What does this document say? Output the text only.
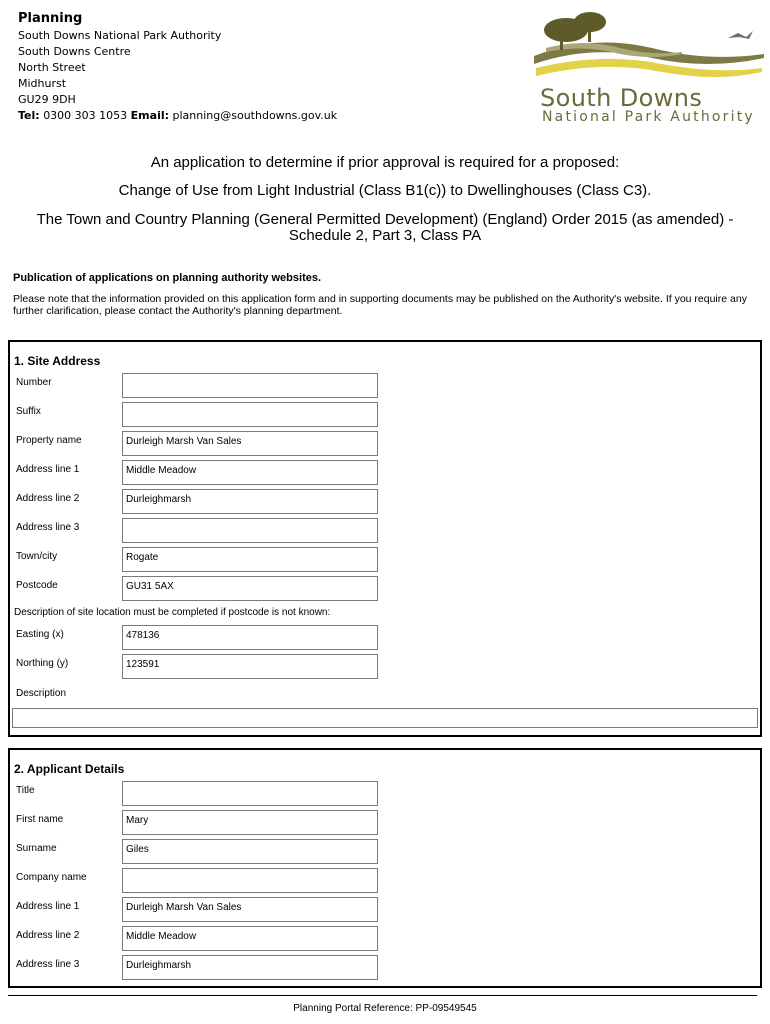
Planning
South Downs National Park Authority
South Downs Centre
North Street
Midhurst
GU29 9DH
Tel: 0300 303 1053 Email: planning@southdowns.gov.uk
South Downs
National Park Authority
An application to determine if prior approval is required for a proposed:
Change of Use from Light Industrial (Class B1(c)) to Dwellinghouses (Class C3).
The Town and Country Planning (General Permitted Development) (England) Order 2015 (as amended) -
Schedule 2, Part 3, Class PA
Publication of applications on planning authority websites.
Please note that the information provided on this application form and in supporting documents may be published on the Authority's website. If you require any further clarification, please contact the Authority's planning department.
1. Site Address
Number
Suffix
Property name	Durleigh Marsh Van Sales
Address line 1	Middle Meadow
Address line 2	Durleighmarsh
Address line 3
Town/city	Rogate
Postcode	GU31 5AX
Description of site location must be completed if postcode is not known:
Easting (x)	478136
Northing (y)	123591
Description
2. Applicant Details
Title
First name	Mary
Surname	Giles
Company name
Address line 1	Durleigh Marsh Van Sales
Address line 2	Middle Meadow
Address line 3	Durleighmarsh
Planning Portal Reference: PP-09549545
